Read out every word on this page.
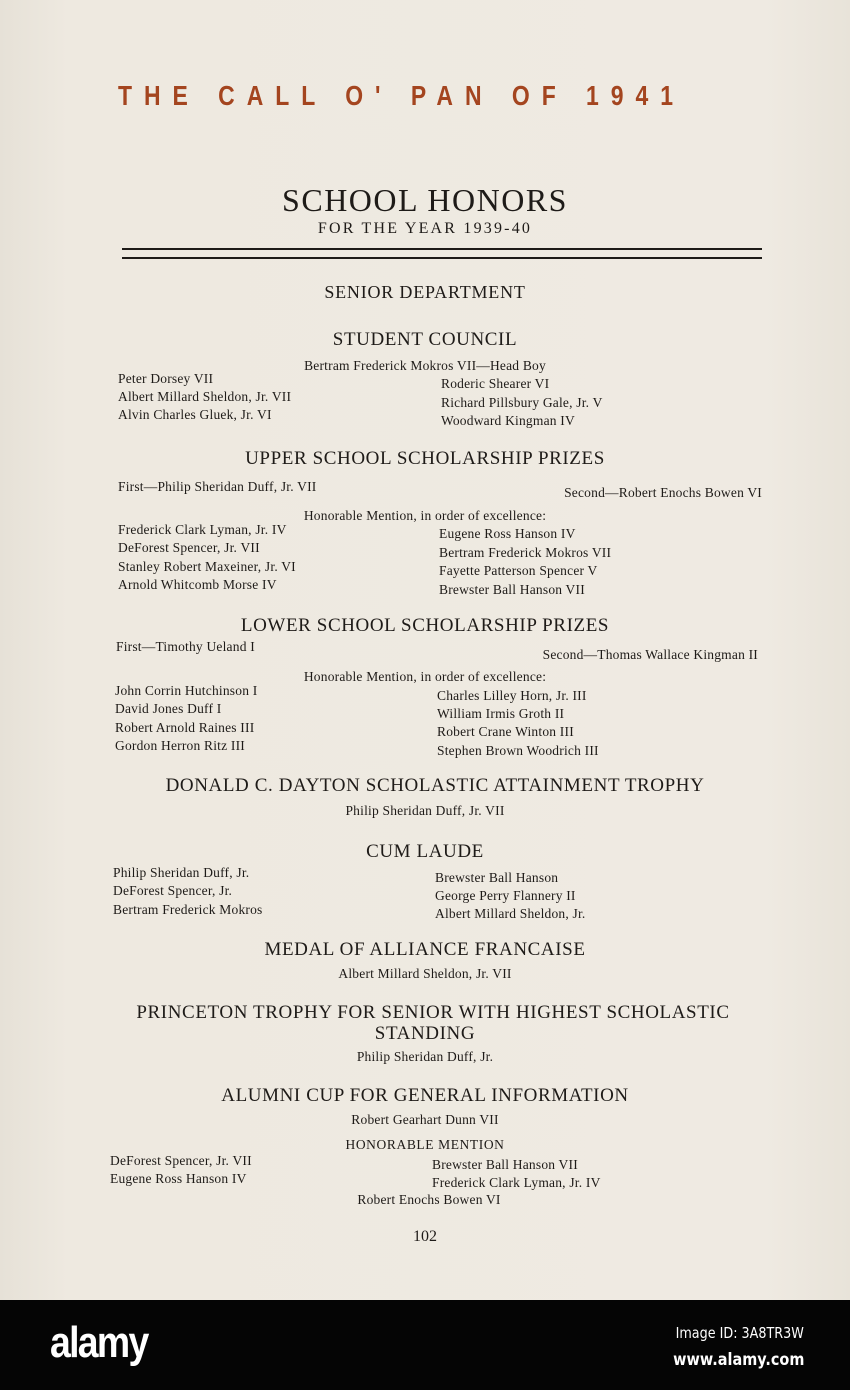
THE CALL O' PAN OF 1941
SCHOOL HONORS
FOR THE YEAR 1939-40
SENIOR DEPARTMENT
STUDENT COUNCIL
Bertram Frederick Mokros VII—Head Boy
Peter Dorsey VII
Albert Millard Sheldon, Jr. VII
Alvin Charles Gluek, Jr. VI
Roderic Shearer VI
Richard Pillsbury Gale, Jr. V
Woodward Kingman IV
UPPER SCHOOL SCHOLARSHIP PRIZES
First—Philip Sheridan Duff, Jr. VII	Second—Robert Enochs Bowen VI
Honorable Mention, in order of excellence:
Frederick Clark Lyman, Jr. IV
DeForest Spencer, Jr. VII
Stanley Robert Maxeiner, Jr. VI
Arnold Whitcomb Morse IV
Eugene Ross Hanson IV
Bertram Frederick Mokros VII
Fayette Patterson Spencer V
Brewster Ball Hanson VII
LOWER SCHOOL SCHOLARSHIP PRIZES
First—Timothy Ueland I
Second—Thomas Wallace Kingman II
Honorable Mention, in order of excellence:
John Corrin Hutchinson I
David Jones Duff I
Robert Arnold Raines III
Gordon Herron Ritz III
Charles Lilley Horn, Jr. III
William Irmis Groth II
Robert Crane Winton III
Stephen Brown Woodrich III
DONALD C. DAYTON SCHOLASTIC ATTAINMENT TROPHY
Philip Sheridan Duff, Jr. VII
CUM LAUDE
Philip Sheridan Duff, Jr.
DeForest Spencer, Jr.
Bertram Frederick Mokros
Brewster Ball Hanson
George Perry Flannery II
Albert Millard Sheldon, Jr.
MEDAL OF ALLIANCE FRANCAISE
Albert Millard Sheldon, Jr. VII
PRINCETON TROPHY FOR SENIOR WITH HIGHEST SCHOLASTIC
STANDING
Philip Sheridan Duff, Jr.
ALUMNI CUP FOR GENERAL INFORMATION
Robert Gearhart Dunn VII
HONORABLE MENTION
DeForest Spencer, Jr. VII
Eugene Ross Hanson IV
Brewster Ball Hanson VII
Frederick Clark Lyman, Jr. IV
Robert Enochs Bowen VI
102
alamy	Image ID: 3A8TR3W
www.alamy.com
